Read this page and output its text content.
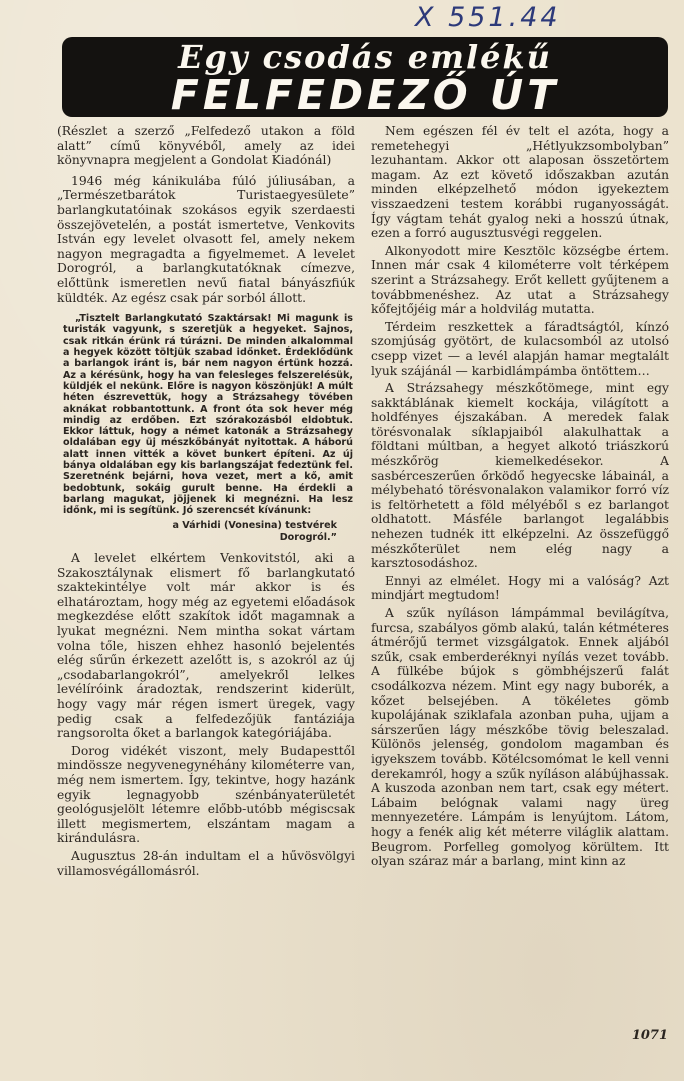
X 551.44
Egy csodás emlékű
FELFEDEZŐ ÚT

(Részlet a szerző „Felfedező utakon a föld alatt” című könyvéből, amely az idei könyvnapra megjelent a Gondolat Kiadónál)

1946 még kánikulába fúló júliusában, a „Természetbarátok Turistaegyesülete” barlangkutatóinak szokásos egyik szerdaesti összejövetelén, a postát ismertetve, Venkovits István egy levelet olvasott fel, amely nekem nagyon megragadta a figyelmemet. A levelet Dorogról, a barlangkutatóknak címezve, előttünk ismeretlen nevű fiatal bányászfiúk küldték. Az egész csak pár sorból állott.

„Tisztelt Barlangkutató Szaktársak! Mi magunk is turisták vagyunk, s szeretjük a hegyeket. Sajnos, csak ritkán érünk rá túrázni. De minden alkalommal a hegyek között töltjük szabad időnket. Érdeklődünk a barlangok iránt is, bár nem nagyon értünk hozzá. Az a kérésünk, hogy ha van felesleges felszerelésük, küldjék el nekünk. Előre is nagyon köszönjük! A múlt héten észrevettük, hogy a Strázsahegy tövében aknákat robbantottunk. A front óta sok hever még mindig az erdőben. Ezt szórakozásból eldobtuk. Ekkor láttuk, hogy a német katonák a Strázsahegy oldalában egy üj mészkőbányát nyitottak. A háború alatt innen vitték a követ bunkert építeni. Az új bánya oldalában egy kis barlangszájat fedeztünk fel. Szeretnénk bejárni, hova vezet, mert a kő, amit bedobtunk, sokáig gurult benne. Ha érdekli a barlang magukat, jöjjenek ki megnézni. Ha lesz időnk, mi is segítünk. Jó szerencsét kívánunk:
a Várhidi (Vonesina) testvérek
Dorogról.”

A levelet elkértem Venkovitstól, aki a Szakosztálynak elismert fő barlangkutató szaktekintélye volt már akkor is és elhatároztam, hogy még az egyetemi előadások megkezdése előtt szakítok időt magamnak a lyukat megnézni. Nem mintha sokat vártam volna tőle, hiszen ehhez hasonló bejelentés elég sűrűn érkezett azelőtt is, s azokról az új „csodabarlangokról”, amelyekről lelkes levélíróink áradoztak, rendszerint kiderült, hogy vagy már régen ismert üregek, vagy pedig csak a felfedezőjük fantáziája rangsorolta őket a barlangok kategóriájába.

Dorog vidékét viszont, mely Budapesttől mindössze negyvenegynéhány kilométerre van, még nem ismertem. Így, tekintve, hogy hazánk egyik legnagyobb szénbányaterületét geológusjelölt létemre előbb-utóbb mégiscsak illett megismertem, elszántam magam a kirándulásra.

Augusztus 28-án indultam el a hűvösvölgyi villamosvégállomásról.

Nem egészen fél év telt el azóta, hogy a remetehegyi „Hétlyukzsombolyban” lezuhantam. Akkor ott alaposan összetörtem magam. Az ezt követő időszakban azután minden elképzelhető módon igyekeztem visszaedzeni testem korábbi ruganyosságát. Így vágtam tehát gyalog neki a hosszú útnak, ezen a forró augusztusvégi reggelen.

Alkonyodott mire Kesztölc községbe értem. Innen már csak 4 kilométerre volt térképem szerint a Strázsahegy. Erőt kellett gyűjtenem a továbbmenéshez. Az utat a Strázsahegy kőfejtőjéig már a holdvilág mutatta.

Térdeim reszkettek a fáradtságtól, kínzó szomjúság gyötört, de kulacsomból az utolsó csepp vizet — a levél alapján hamar megtalált lyuk szájánál — karbidlámpámba öntöttem…

A Strázsahegy mészkőtömege, mint egy sakktáblának kiemelt kockája, világított a holdfényes éjszakában. A meredek falak törésvonalak síklapjaiból alakulhattak a földtani múltban, a hegyet alkotó triászkorú mészkőrög kiemelkedésekor. A sasbérceszerűen őrködő hegyecske lábainál, a mélybeható törésvonalakon valamikor forró víz is feltörhetett a föld mélyéből s ez barlangot oldhatott. Másféle barlangot legalábbis nehezen tudnék itt elképzelni. Az összefüggő mészkőterület nem elég nagy a karsztosodáshoz.

Ennyi az elmélet. Hogy mi a valóság? Azt mindjárt megtudom!

A szűk nyíláson lámpámmal bevilágítva, furcsa, szabályos gömb alakú, talán kétméteres átmérőjű termet vizsgálgatok. Ennek aljából szűk, csak emberderéknyi nyílás vezet tovább. A fülkébe bújok s gömbhéjszerű falát csodálkozva nézem. Mint egy nagy buborék, a kőzet belsejében. A tökéletes gömb kupolájának sziklafala azonban puha, ujjam a sárszerűen lágy mészkőbe tövig beleszalad. Különös jelenség, gondolom magamban és igyekszem tovább. Kötélcsomómat le kell venni derekamról, hogy a szűk nyíláson alábújhassak. A kuszoda azonban nem tart, csak egy métert. Lábaim belógnak valami nagy üreg mennyezetére. Lámpám is lenyújtom. Látom, hogy a fenék alig két méterre világlik alattam. Beugrom. Porfelleg gomolyog körültem. Itt olyan száraz már a barlang, mint kinn az

1071
